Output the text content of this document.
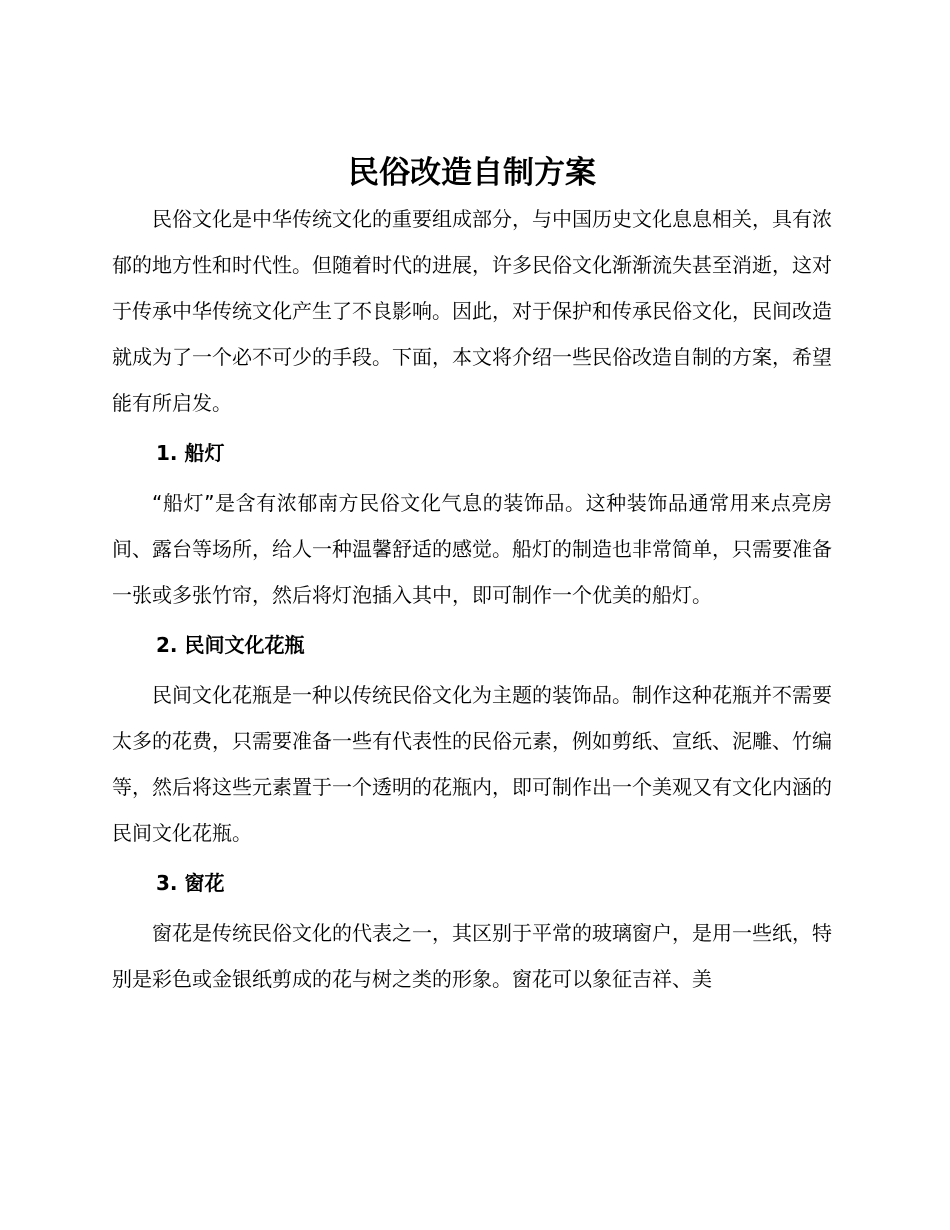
民俗改造自制方案

民俗文化是中华传统文化的重要组成部分，与中国历史文化息息相关，具有浓郁的地方性和时代性。但随着时代的进展，许多民俗文化渐渐流失甚至消逝，这对于传承中华传统文化产生了不良影响。因此，对于保护和传承民俗文化，民间改造就成为了一个必不可少的手段。下面，本文将介绍一些民俗改造自制的方案，希望能有所启发。

1. 船灯

“船灯”是含有浓郁南方民俗文化气息的装饰品。这种装饰品通常用来点亮房间、露台等场所，给人一种温馨舒适的感觉。船灯的制造也非常简单，只需要准备一张或多张竹帘，然后将灯泡插入其中，即可制作一个优美的船灯。

2. 民间文化花瓶

民间文化花瓶是一种以传统民俗文化为主题的装饰品。制作这种花瓶并不需要太多的花费，只需要准备一些有代表性的民俗元素，例如剪纸、宣纸、泥雕、竹编等，然后将这些元素置于一个透明的花瓶内，即可制作出一个美观又有文化内涵的民间文化花瓶。

3. 窗花

窗花是传统民俗文化的代表之一，其区别于平常的玻璃窗户，是用一些纸，特别是彩色或金银纸剪成的花与树之类的形象。窗花可以象征吉祥、美
